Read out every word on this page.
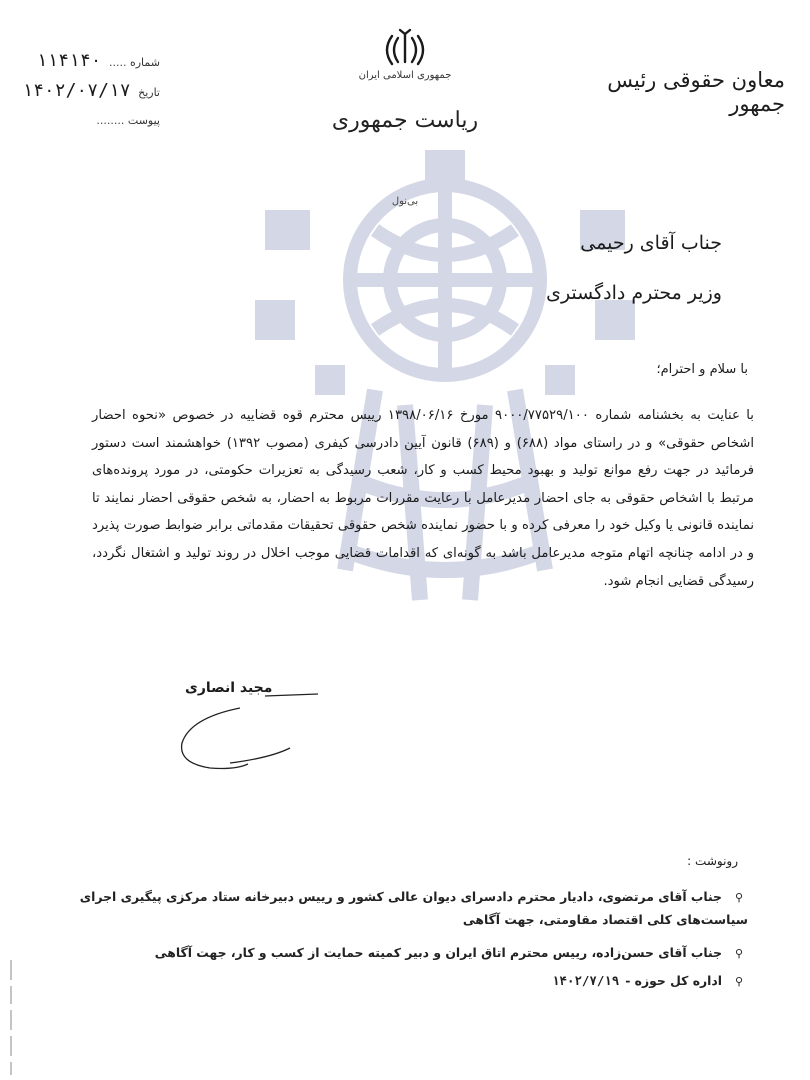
جمهوری اسلامی ایران
ریاست جمهوری
معاون حقوقی رئیس جمهور
شماره ..... ۱۱۴۱۴۰
تاریخ ۱۴۰۲/۰۷/۱۷
پیوست ........
بی‌نول
جناب آقای رحیمی
وزیر محترم دادگستری
با سلام و احترام؛
با عنایت به بخشنامه شماره ۹۰۰۰/۷۷۵۲۹/۱۰۰ مورخ ۱۳۹۸/۰۶/۱۶ رییس محترم قوه قضاییه در خصوص «نحوه احضار اشخاص حقوقی» و در راستای مواد (۶۸۸) و (۶۸۹) قانون آیین دادرسی کیفری (مصوب ۱۳۹۲) خواهشمند است دستور فرمائید در جهت رفع موانع تولید و بهبود محیط کسب و کار، شعب رسیدگی به تعزیرات حکومتی، در مورد پرونده‌های مرتبط با اشخاص حقوقی به جای احضار مدیرعامل با رعایت مقررات مربوط به احضار، به شخص حقوقی احضار نمایند تا نماینده قانونی یا وکیل خود را معرفی کرده و با حضور نماینده شخص حقوقی تحقیقات مقدماتی برابر ضوابط صورت پذیرد و در ادامه چنانچه اتهام متوجه مدیرعامل باشد به گونه‌ای که اقدامات قضایی موجب اخلال در روند تولید و اشتغال نگردد، رسیدگی قضایی انجام شود.
مجید انصاری
رونوشت :
⚲جناب آقای مرتضوی، دادیار محترم دادسرای دیوان عالی کشور و رییس دبیرخانه ستاد مرکزی پیگیری اجرای سیاست‌های کلی اقتصاد مقاومتی، جهت آگاهی
⚲جناب آقای حسن‌زاده، رییس محترم اتاق ایران و دبیر کمیته حمایت از کسب و کار، جهت آگاهی
⚲اداره کل حوزه -۱۴۰۲/۷/۱۹
